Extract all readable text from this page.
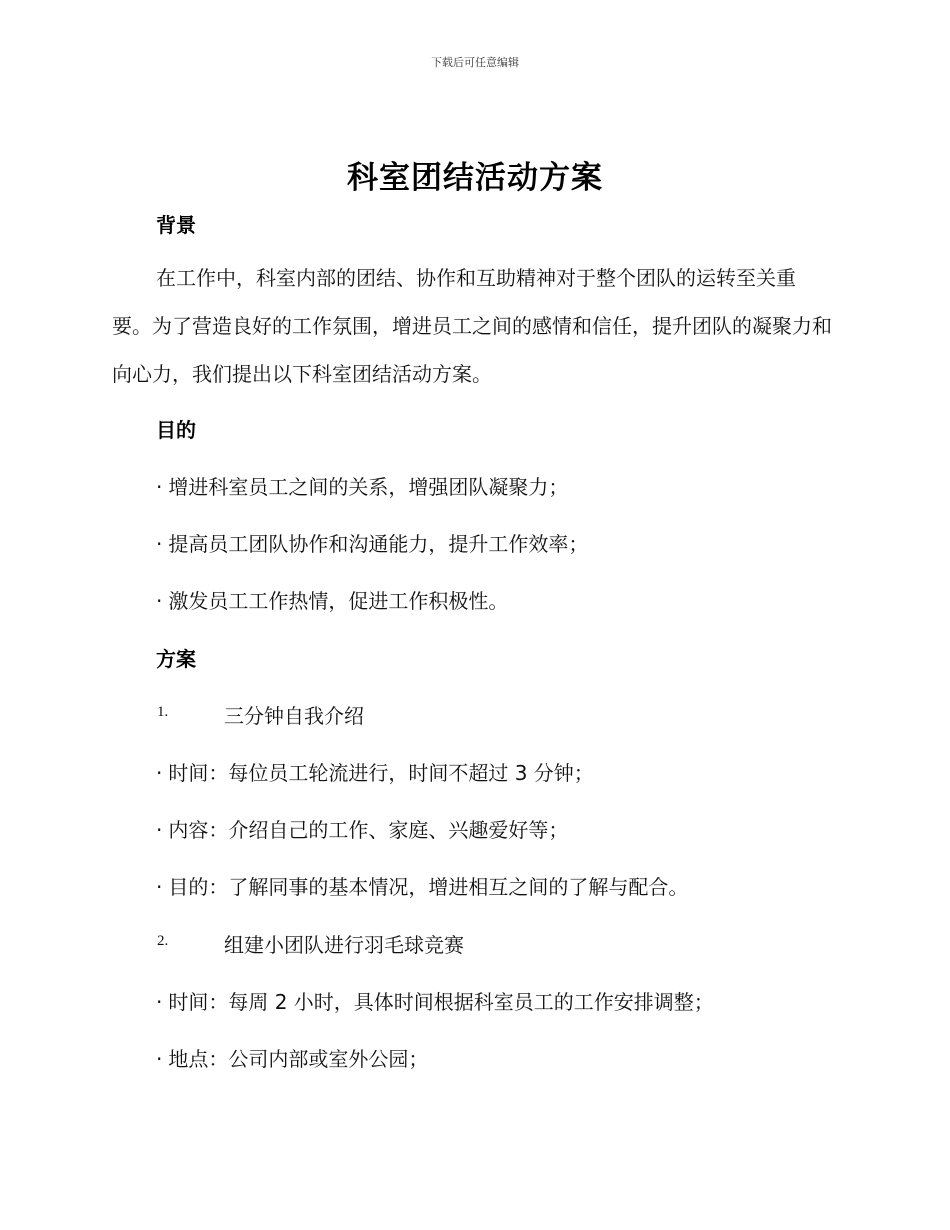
下载后可任意编辑
科室团结活动方案
背景
在工作中，科室内部的团结、协作和互助精神对于整个团队的运转至关重要。为了营造良好的工作氛围，增进员工之间的感情和信任，提升团队的凝聚力和向心力，我们提出以下科室团结活动方案。
目的
· 增进科室员工之间的关系，增强团队凝聚力；
· 提高员工团队协作和沟通能力，提升工作效率；
· 激发员工工作热情，促进工作积极性。
方案
1.	三分钟自我介绍
· 时间：每位员工轮流进行，时间不超过 3 分钟；
· 内容：介绍自己的工作、家庭、兴趣爱好等；
· 目的：了解同事的基本情况，增进相互之间的了解与配合。
2.	组建小团队进行羽毛球竞赛
· 时间：每周 2 小时，具体时间根据科室员工的工作安排调整；
· 地点：公司内部或室外公园；
